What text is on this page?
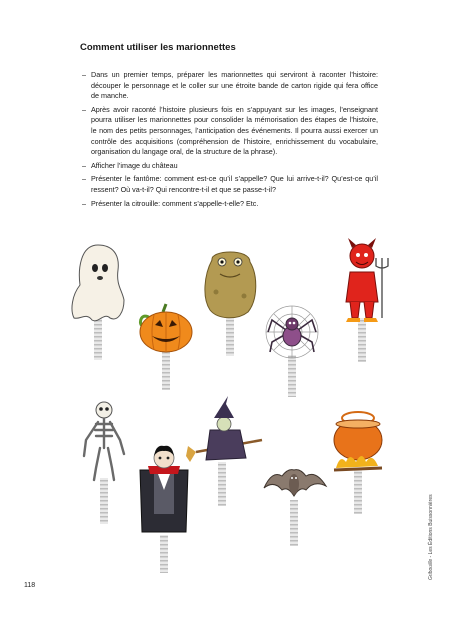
Comment utiliser les marionnettes
– Dans un premier temps, préparer les marionnettes qui serviront à raconter l’histoire: découper le personnage et le coller sur une étroite bande de carton rigide qui fera office de manche.
– Après avoir raconté l’histoire plusieurs fois en s’appuyant sur les images, l’enseignant pourra utiliser les marionnettes pour consolider la mémorisation des étapes de l’histoire, le nom des petits personnages, l’anticipation des événements. Il pourra aussi exercer un contrôle des acquisitions (compréhension de l’histoire, enrichissement du vocabulaire, organisation du langage oral, de la structure de la phrase).
– Afficher l’image du château
– Présenter le fantôme: comment est-ce qu’il s’appelle? Que lui arrive-t-il? Qu’est-ce qu’il ressent? Où va-t-il? Qui rencontre-t-il et que se passe-t-il?
– Présenter la citrouille: comment s’appelle-t-elle? Etc.
118
Gribouille - Les Éditions Buissonnières
